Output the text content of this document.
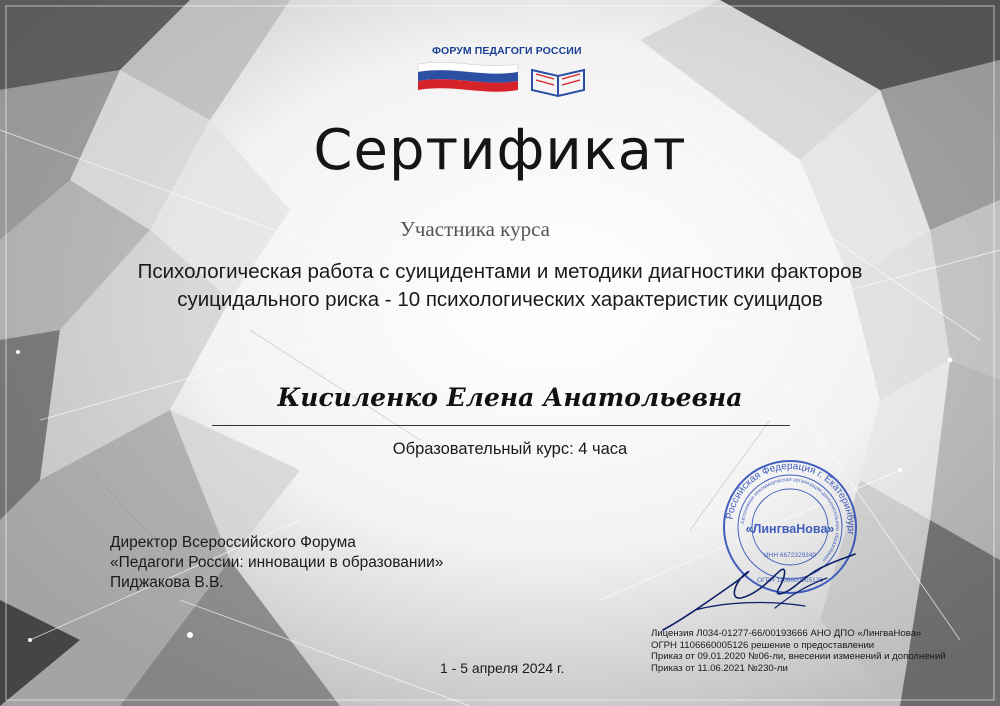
ФОРУМ ПЕДАГОГИ РОССИИ
Сертификат
Участника курса
Психологическая работа с суицидентами и методики диагностики факторов
суицидального риска - 10 психологических характеристик суицидов
Кисиленко Елена Анатольевна
Образовательный курс: 4 часа
Директор Всероссийского Форума
«Педагоги России: инновации в образовании»
Пиджакова В.В.
Российская Федерация г. Екатеринбург
Автономная некоммерческая организация дополнительного образования
«ЛингваНова»
ИНН 6672329340
ОГРН 1106600005126
Лицензия Л034-01277-66/00193666 АНО ДПО «ЛингваНова»
ОГРН 1106660005126 решение о предоставлении
Приказ от 09.01.2020 №06-ли, внесении изменений и дополнений
Приказ от 11.06.2021 №230-ли
1 - 5 апреля 2024 г.
